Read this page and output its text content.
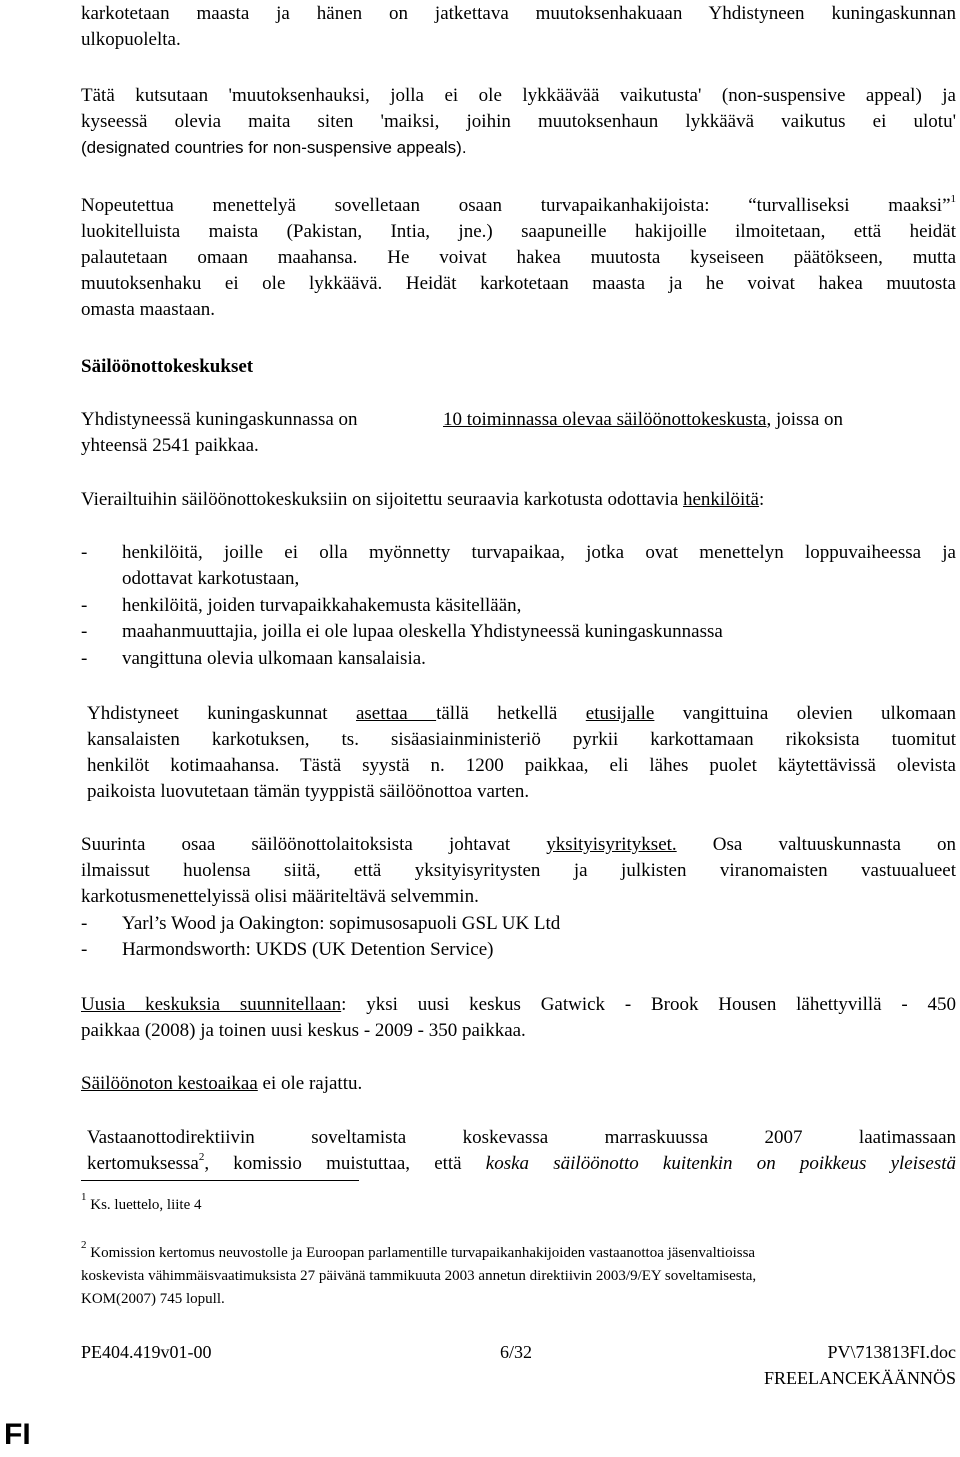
karkotetaan maasta ja hänen on jatkettava muutoksenhakuaan Yhdistyneen kuningaskunnan
ulkopuolelta.
Tätä kutsutaan 'muutoksenhauksi, jolla ei ole lykkäävää vaikutusta' (non-suspensive appeal) ja
kyseessä olevia maita siten 'maiksi, joihin muutoksenhaun lykkäävä vaikutus ei ulotu'
(designated countries for non-suspensive appeals).
Nopeutettua menettelyä sovelletaan osaan turvapaikanhakijoista: “turvalliseksi maaksi”$^1$
luokitelluista maista (Pakistan, Intia, jne.) saapuneille hakijoille ilmoitetaan, että heidät
palautetaan omaan maahansa. He voivat hakea muutosta kyseiseen päätökseen, mutta
muutoksenhaku ei ole lykkäävä. Heidät karkotetaan maasta ja he voivat hakea muutosta
omasta maastaan.
Säilöönottokeskukset
Yhdistyneessä kuningaskunnassa on	10 toiminnassa olevaa säilöönottokeskusta, joissa on
yhteensä 2541 paikkaa.
Vierailtuihin säilöönottokeskuksiin on sijoitettu seuraavia karkotusta odottavia henkilöitä:
- henkilöitä, joille ei olla myönnetty turvapaikaa, jotka ovat menettelyn loppuvaiheessa ja
odottavat karkotustaan,
- henkilöitä, joiden turvapaikkahakemusta käsitellään,
- maahanmuuttajia, joilla ei ole lupaa oleskella Yhdistyneessä kuningaskunnassa
- vangittuna olevia ulkomaan kansalaisia.
Yhdistyneet kuningaskunnat asettaa tällä hetkellä etusijalle vangittuina olevien ulkomaan
kansalaisten karkotuksen, ts. sisäasiainministeriö pyrkii karkottamaan rikoksista tuomitut
henkilöt kotimaahansa. Tästä syystä n. 1200 paikkaa, eli lähes puolet käytettävissä olevista
paikoista luovutetaan tämän tyyppistä säilöönottoa varten.
Suurinta osaa säilöönottolaitoksista johtavat yksityisyritykset. Osa valtuuskunnasta on
ilmaissut huolensa siitä, että yksityisyritysten ja julkisten viranomaisten vastuualueet
karkotusmenettelyissä olisi määriteltävä selvemmin.
- Yarl’s Wood ja Oakington: sopimusosapuoli GSL UK Ltd
- Harmondsworth: UKDS (UK Detention Service)
Uusia keskuksia suunnitellaan: yksi uusi keskus Gatwick - Brook Housen lähettyvillä - 450
paikkaa (2008) ja toinen uusi keskus - 2009 - 350 paikkaa.
Säilöönoton kestoaikaa ei ole rajattu.
Vastaanottodirektiivin soveltamista koskevassa marraskuussa 2007 laatimassaan
kertomuksessa$^2$, komissio muistuttaa, että koska säilöönotto kuitenkin on poikkeus yleisestä
$^1$ Ks. luettelo, liite 4
$^2$ Komission kertomus neuvostolle ja Euroopan parlamentille turvapaikanhakijoiden vastaanottoa jäsenvaltioissa
koskevista vähimmäisvaatimuksista 27 päivänä tammikuuta 2003 annetun direktiivin 2003/9/EY soveltamisesta,
KOM(2007) 745 lopull.
PE404.419v01-00	6/32	PV\713813FI.doc
FREELANCEKÄÄNNÖS
FI
